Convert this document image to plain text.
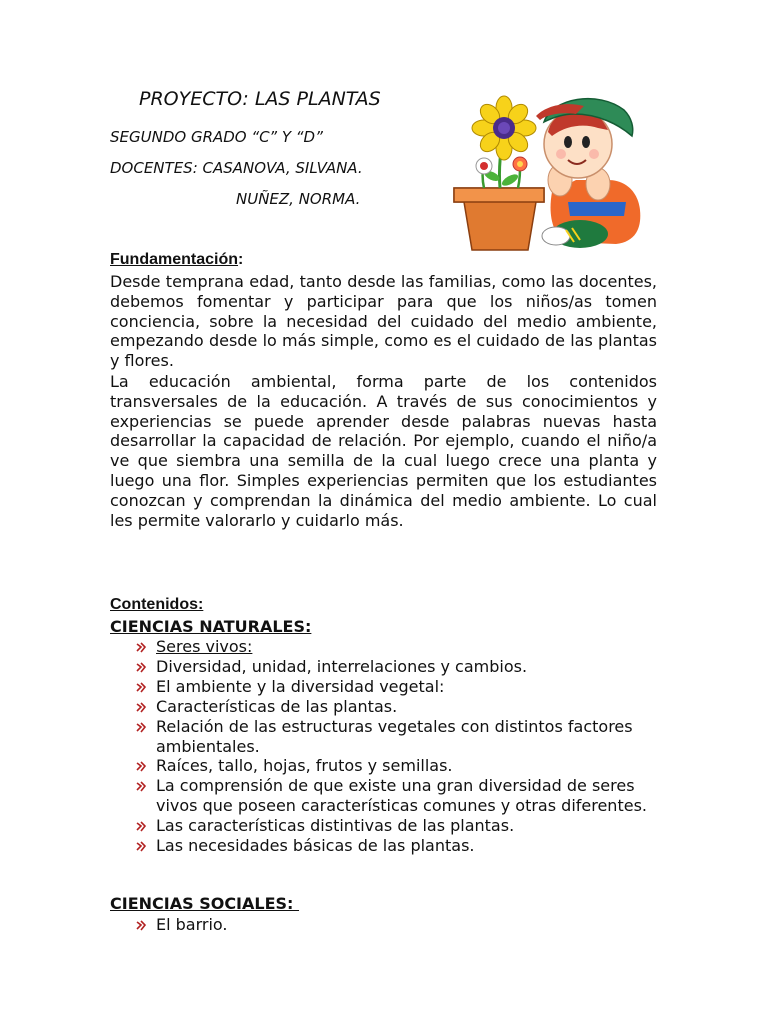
PROYECTO: LAS PLANTAS
SEGUNDO GRADO “C” Y “D”
DOCENTES: CASANOVA, SILVANA.
NUÑEZ, NORMA.
Fundamentación:
Desde temprana edad, tanto desde las familias, como las docentes, debemos fomentar y participar para que los niños/as tomen conciencia, sobre la necesidad del cuidado del medio ambiente, empezando desde lo más simple, como es el cuidado de las plantas y flores.
La educación ambiental, forma parte de los contenidos transversales de la educación. A través de sus conocimientos y experiencias se puede aprender desde palabras nuevas hasta desarrollar la capacidad de relación. Por ejemplo, cuando el niño/a ve que siembra una semilla de la cual luego crece una planta y luego una flor. Simples experiencias permiten que los estudiantes conozcan y comprendan la dinámica del medio ambiente. Lo cual les permite valorarlo y cuidarlo más.
Contenidos:
CIENCIAS NATURALES:
Seres vivos:
Diversidad, unidad, interrelaciones y cambios.
El ambiente y la diversidad vegetal:
Características de las plantas.
Relación de las estructuras vegetales con distintos factores ambientales.
Raíces, tallo, hojas, frutos y semillas.
La comprensión de que existe una gran diversidad de seres vivos que poseen características comunes y otras diferentes.
Las características distintivas de las plantas.
Las necesidades básicas de las plantas.
CIENCIAS SOCIALES:
El barrio.
